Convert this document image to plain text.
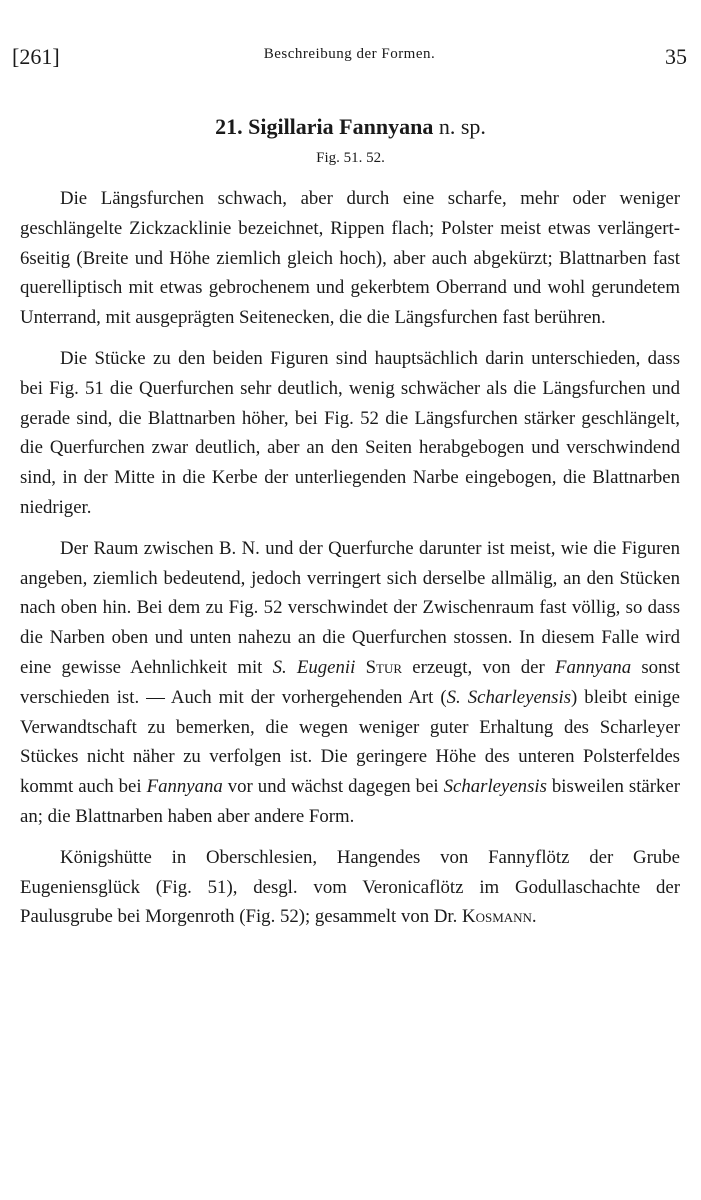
[261]	Beschreibung der Formen.	35
21. Sigillaria Fannyana n. sp.
Fig. 51. 52.

Die Längsfurchen schwach, aber durch eine scharfe, mehr oder weniger geschlängelte Zickzacklinie bezeichnet, Rippen flach; Polster meist etwas verlängert-6seitig (Breite und Höhe ziemlich gleich hoch), aber auch abgekürzt; Blattnarben fast querelliptisch mit etwas gebrochenem und gekerbtem Oberrand und wohl gerundetem Unterrand, mit ausgeprägten Seitenecken, die die Längsfurchen fast berühren.

Die Stücke zu den beiden Figuren sind hauptsächlich darin unterschieden, dass bei Fig. 51 die Querfurchen sehr deutlich, wenig schwächer als die Längsfurchen und gerade sind, die Blattnarben höher, bei Fig. 52 die Längsfurchen stärker geschlängelt, die Querfurchen zwar deutlich, aber an den Seiten herabgebogen und verschwindend sind, in der Mitte in die Kerbe der unterliegenden Narbe eingebogen, die Blattnarben niedriger.

Der Raum zwischen B. N. und der Querfurche darunter ist meist, wie die Figuren angeben, ziemlich bedeutend, jedoch verringert sich derselbe allmälig, an den Stücken nach oben hin. Bei dem zu Fig. 52 verschwindet der Zwischenraum fast völlig, so dass die Narben oben und unten nahezu an die Querfurchen stossen. In diesem Falle wird eine gewisse Aehnlichkeit mit S. Eugenii Stur erzeugt, von der Fannyana sonst verschieden ist. — Auch mit der vorhergehenden Art (S. Scharleyensis) bleibt einige Verwandtschaft zu bemerken, die wegen weniger guter Erhaltung des Scharleyer Stückes nicht näher zu verfolgen ist. Die geringere Höhe des unteren Polsterfeldes kommt auch bei Fannyana vor und wächst dagegen bei Scharleyensis bisweilen stärker an; die Blattnarben haben aber andere Form.

Königshütte in Oberschlesien, Hangendes von Fannyflötz der Grube Eugeniensglück (Fig. 51), desgl. vom Veronicaflötz im Godullaschachte der Paulusgrube bei Morgenroth (Fig. 52); gesammelt von Dr. Kosmann.
